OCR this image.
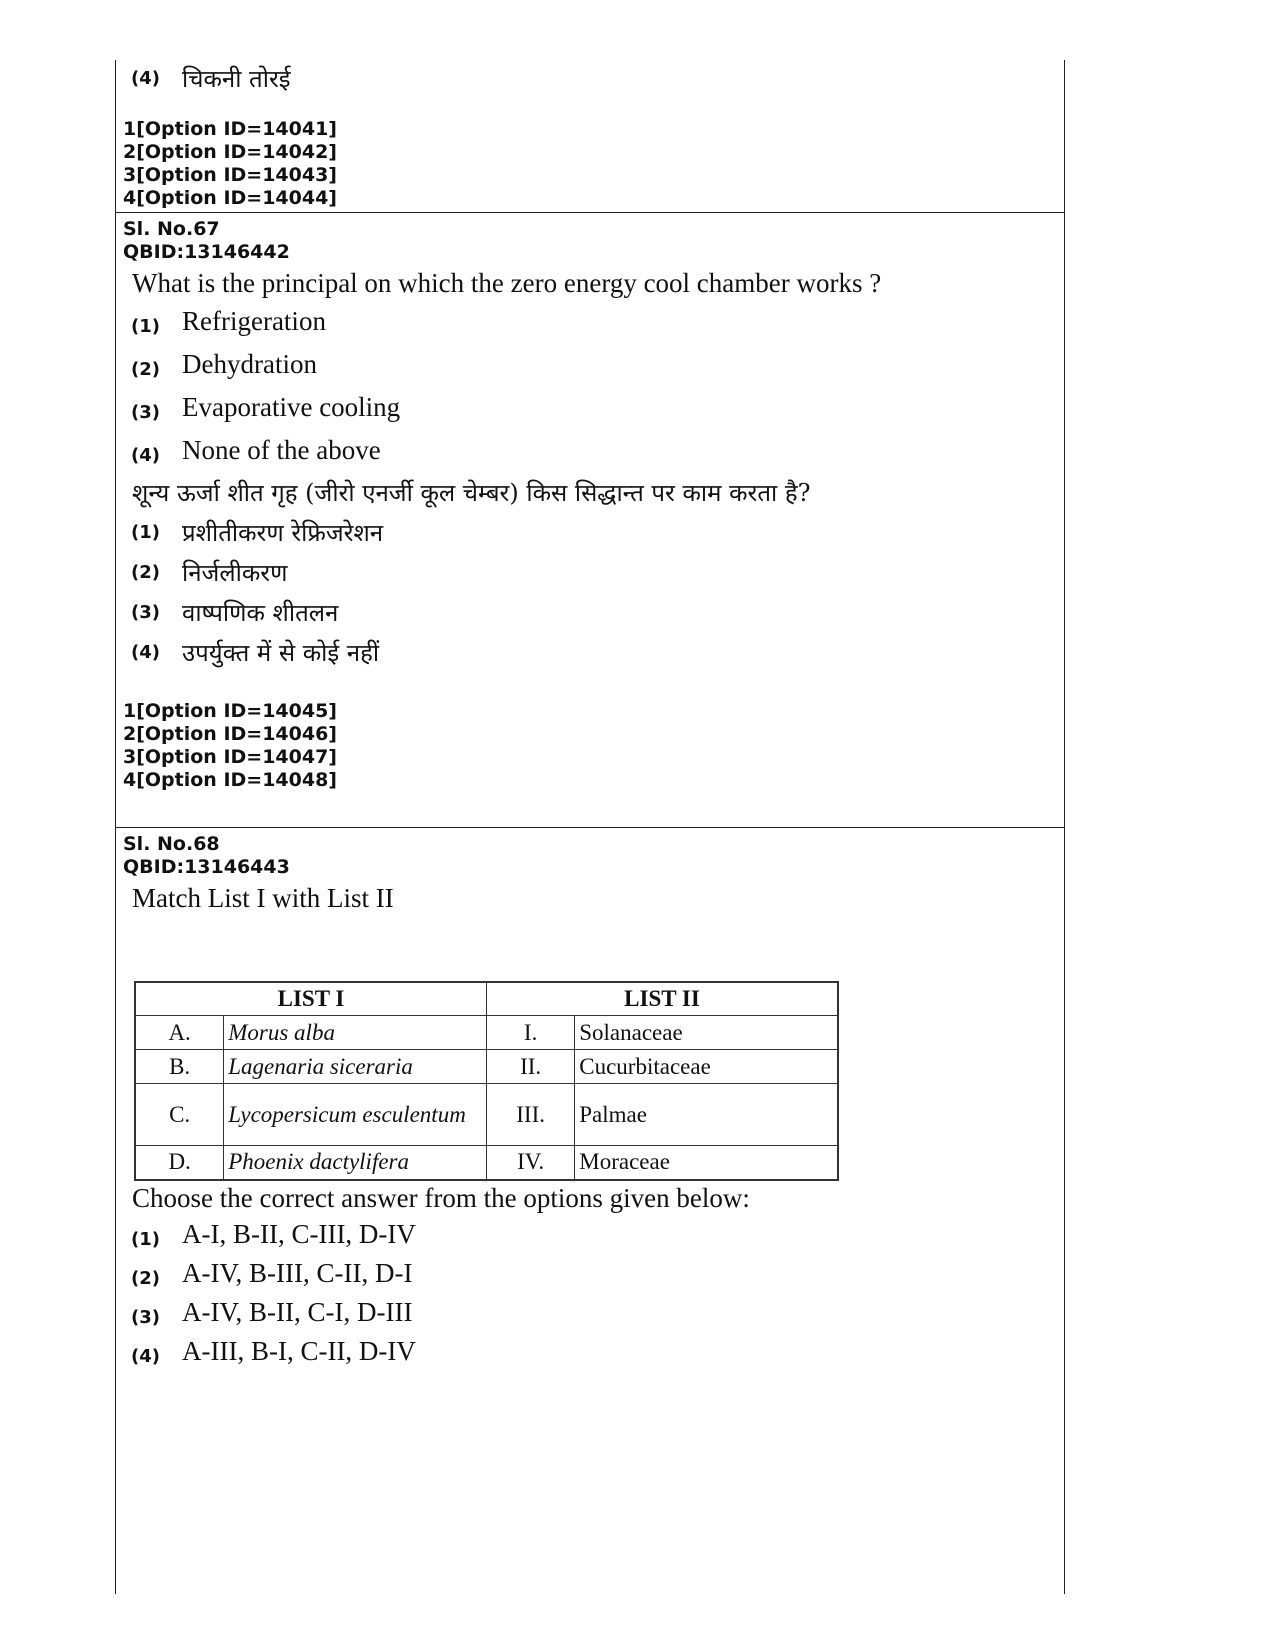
(4) चिकनी तोरई
1[Option ID=14041]
2[Option ID=14042]
3[Option ID=14043]
4[Option ID=14044]
Sl. No.67
QBID:13146442
What is the principal on which the zero energy cool chamber works ?
(1) Refrigeration
(2) Dehydration
(3) Evaporative cooling
(4) None of the above
शून्य ऊर्जा शीत गृह (जीरो एनर्जी कूल चेम्बर) किस सिद्धान्त पर काम करता है?
(1) प्रशीतीकरण रेफ्रिजरेशन
(2) निर्जलीकरण
(3) वाष्पणिक शीतलन
(4) उपर्युक्त में से कोई नहीं
1[Option ID=14045]
2[Option ID=14046]
3[Option ID=14047]
4[Option ID=14048]
Sl. No.68
QBID:13146443
Match List I with List II
LIST I		LIST II	
A.	Morus alba	I.	Solanaceae
B.	Lagenaria siceraria	II.	Cucurbitaceae
C.	Lycopersicum esculentum	III.	Palmae
D.	Phoenix dactylifera	IV.	Moraceae
Choose the correct answer from the options given below:
(1) A-I, B-II, C-III, D-IV
(2) A-IV, B-III, C-II, D-I
(3) A-IV, B-II, C-I, D-III
(4) A-III, B-I, C-II, D-IV
